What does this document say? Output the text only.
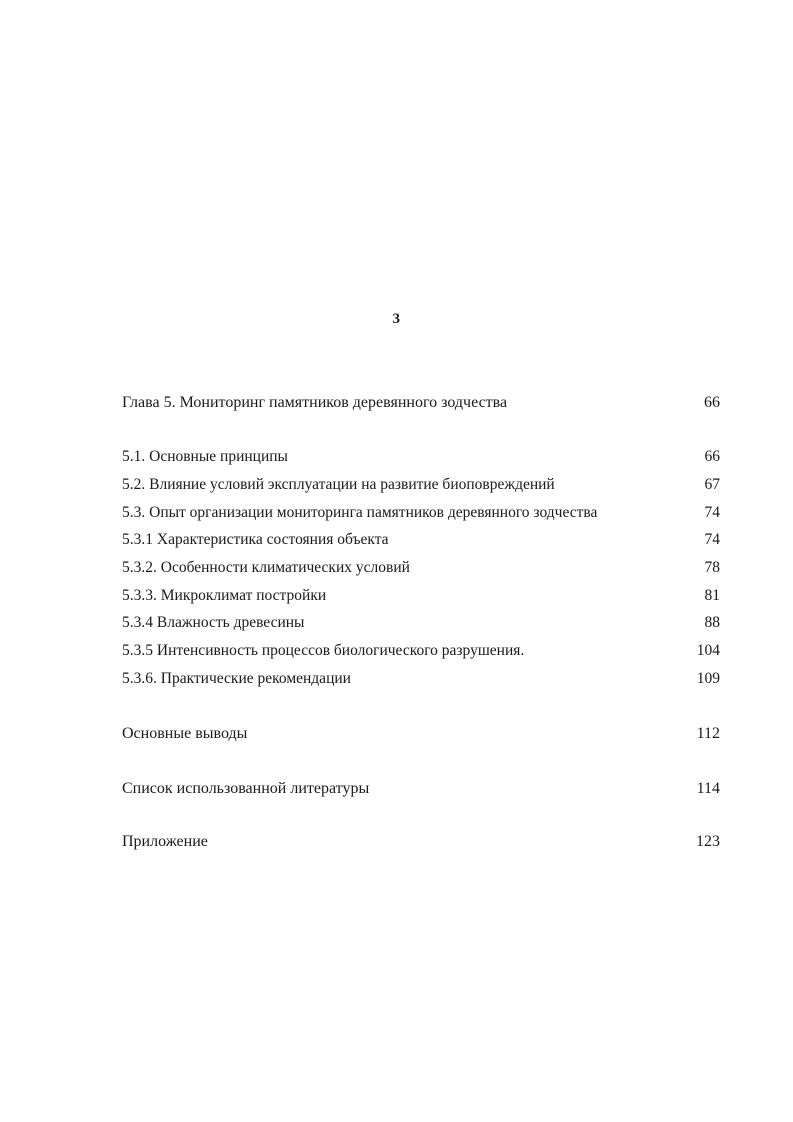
3
Глава 5. Мониторинг памятников деревянного зодчества	66
5.1. Основные принципы	66
5.2. Влияние условий эксплуатации на развитие биоповреждений	67
5.3. Опыт организации мониторинга памятников деревянного зодчества	74
5.3.1 Характеристика состояния объекта	74
5.3.2. Особенности климатических условий	78
5.3.3. Микроклимат постройки	81
5.3.4 Влажность древесины	88
5.3.5 Интенсивность процессов биологического разрушения.	104
5.3.6. Практические рекомендации	109
Основные выводы	112
Список использованной литературы	114
Приложение	123
